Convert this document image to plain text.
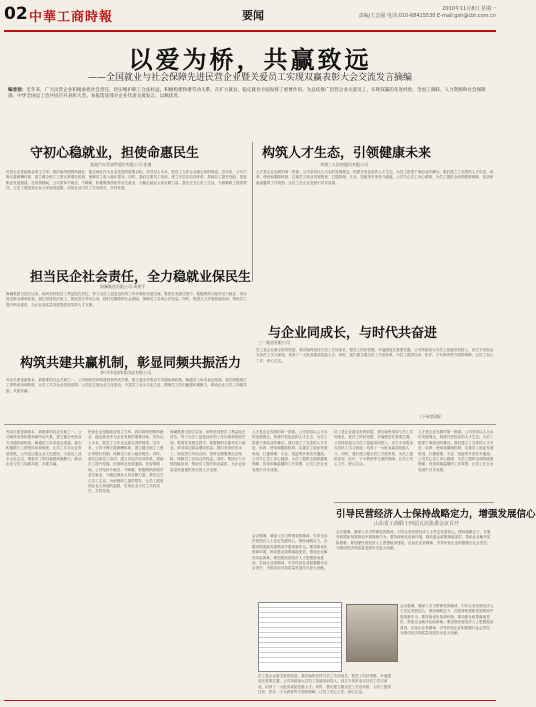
02 中華工商時報	要闻	2010年11月8日 星期一
责编/王志强 电话:010-68415530 E-mail:gsh@cbt.com.cn
以爱为桥，共赢致远
——全国就业与社会保障先进民营企业暨关爱员工实现双赢表彰大会交流发言摘编
编者按：近年来，广大民营企业积极承担社会责任，切实维护职工合法权益，积极构建和谐劳动关系，在扩大就业、稳定就业方面发挥了重要作用。为总结推广民营企业关爱员工、实现双赢的先进经验，全国工商联、人力资源和社会保障部、中华全国总工会共同召开表彰大会。本报选登部分企业代表交流发言，以飨读者。
守初心稳就业，担使命惠民生
富奥汽车零部件股份有限公司 张钢
民营企业是稳就业的主力军。我们始终把吸纳就业、稳定就业作为企业发展的重要目标，坚持以人为本，把员工当作企业最宝贵的财富。近年来，公司不断完善薪酬体系，建立健全职工工资正常增长机制，保障员工收入稳步提升。同时，我们注重员工培训，建立多层次培训体系，帮助员工提升技能，拓宽职业发展通道。在疫情期间，公司坚持不裁员、不降薪，积极吸纳高校毕业生就业，为稳定就业大局贡献力量。我们还关心员工生活，为困难职工提供帮扶，让员工感受到企业大家庭的温暖，实现企业与员工共同成长、共同发展。
构筑人才生态，引领健康未来
华润三九医药股份有限公司
人才是企业发展的第一资源。公司坚持以人为本的发展理念，构建开放包容的人才生态，为员工搭建干事创业的舞台。我们建立了完善的人才引进、培养、使用和激励机制，注重员工职业发展规划，打通管理、专业、技能等多条晋升通道。公司关心员工身心健康，为员工提供全面的健康保障，营造和谐温馨的工作氛围，让员工在企业发展中共享成果。
担当民企社会责任，全力稳就业保民生
海澜集团有限公司 周建平
海澜集团自创立以来，始终坚持把员工利益放在首位，努力为员工创造良好的工作环境和发展空间。集团在发展过程中，积极吸纳当地劳动力就业，带动周边群众增收致富。我们坚持依法用工，规范签订劳动合同，按时足额缴纳社会保险，保障员工各项合法权益。同时，集团大力开展技能培训，帮助员工提升职业素质，为企业高质量发展提供坚实的人才支撑。
与企业同成长，与时代共奋进
三一集团有限公司
员工是企业最宝贵的财富。我们始终坚持与员工共同成长，把员工的获得感、幸福感放在重要位置。公司持续加大对员工技能培训投入，设立专项资金支持员工学习深造，培养了一大批高素质技能人才。同时，我们建立健全员工关爱体系，为员工提供住房、医疗、子女教育等方面的保障，让员工安心工作、舒心生活。
构筑共建共赢机制，彰显同频共振活力
李宁(中国)体育用品有限公司
劳动关系是最基本、最重要的社会关系之一。公司始终坚持构建和谐劳动关系，建立健全劳资双方沟通协商机制，畅通员工诉求表达渠道。我们积极推行工资集体协商制度，让员工共享企业发展成果。公司还注重企业文化建设，丰富员工业余文化生活，增强员工的归属感和凝聚力，推动企业与员工同频共振、共建共赢。
劳动关系是最基本、最重要的社会关系之一。公司始终坚持构建和谐劳动关系，建立健全劳资双方沟通协商机制，畅通员工诉求表达渠道。我们积极推行工资集体协商制度，让员工共享企业发展成果。公司还注重企业文化建设，丰富员工业余文化生活，增强员工的归属感和凝聚力，推动企业与员工同频共振、共建共赢。
民营企业是稳就业的主力军。我们始终把吸纳就业、稳定就业作为企业发展的重要目标，坚持以人为本，把员工当作企业最宝贵的财富。近年来，公司不断完善薪酬体系，建立健全职工工资正常增长机制，保障员工收入稳步提升。同时，我们注重员工培训，建立多层次培训体系，帮助员工提升技能，拓宽职业发展通道。在疫情期间，公司坚持不裁员、不降薪，积极吸纳高校毕业生就业，为稳定就业大局贡献力量。我们还关心员工生活，为困难职工提供帮扶，让员工感受到企业大家庭的温暖，实现企业与员工共同成长、共同发展。
海澜集团自创立以来，始终坚持把员工利益放在首位，努力为员工创造良好的工作环境和发展空间。集团在发展过程中，积极吸纳当地劳动力就业，带动周边群众增收致富。我们坚持依法用工，规范签订劳动合同，按时足额缴纳社会保险，保障员工各项合法权益。同时，集团大力开展技能培训，帮助员工提升职业素质，为企业高质量发展提供坚实的人才支撑。
人才是企业发展的第一资源。公司坚持以人为本的发展理念，构建开放包容的人才生态，为员工搭建干事创业的舞台。我们建立了完善的人才引进、培养、使用和激励机制，注重员工职业发展规划，打通管理、专业、技能等多条晋升通道。公司关心员工身心健康，为员工提供全面的健康保障，营造和谐温馨的工作氛围，让员工在企业发展中共享成果。
员工是企业最宝贵的财富。我们始终坚持与员工共同成长，把员工的获得感、幸福感放在重要位置。公司持续加大对员工技能培训投入，设立专项资金支持员工学习深造，培养了一大批高素质技能人才。同时，我们建立健全员工关爱体系，为员工提供住房、医疗、子女教育等方面的保障，让员工安心工作、舒心生活。
人才是企业发展的第一资源。公司坚持以人为本的发展理念，构建开放包容的人才生态，为员工搭建干事创业的舞台。我们建立了完善的人才引进、培养、使用和激励机制，注重员工职业发展规划，打通管理、专业、技能等多条晋升通道。公司关心员工身心健康，为员工提供全面的健康保障，营造和谐温馨的工作氛围，让员工在企业发展中共享成果。
（下转第3版）
引导民营经济人士保持战略定力，增强发展信心
山东省工商联十四届五次执委会议召开
会议强调，要深入学习贯彻党的精神，引导全省民营经济人士坚定发展信心，保持战略定力，在服务构建新发展格局中展现新作为。要持续优化营商环境，推动惠企政策落地见效，帮助企业解决实际困难。要加强民营经济人士思想政治建设，弘扬企业家精神，引导民营企业积极履行社会责任，为推动经济高质量发展作出更大贡献。
会议强调，要深入学习贯彻党的精神，引导全省民营经济人士坚定发展信心，保持战略定力，在服务构建新发展格局中展现新作为。要持续优化营商环境，推动惠企政策落地见效，帮助企业解决实际困难。要加强民营经济人士思想政治建设，弘扬企业家精神，引导民营企业积极履行社会责任，为推动经济高质量发展作出更大贡献。
会议强调，要深入学习贯彻党的精神，引导全省民营经济人士坚定发展信心，保持战略定力，在服务构建新发展格局中展现新作为。要持续优化营商环境，推动惠企政策落地见效，帮助企业解决实际困难。要加强民营经济人士思想政治建设，弘扬企业家精神，引导民营企业积极履行社会责任，为推动经济高质量发展作出更大贡献。
员工是企业最宝贵的财富。我们始终坚持与员工共同成长，把员工的获得感、幸福感放在重要位置。公司持续加大对员工技能培训投入，设立专项资金支持员工学习深造，培养了一大批高素质技能人才。同时，我们建立健全员工关爱体系，为员工提供住房、医疗、子女教育等方面的保障，让员工安心工作、舒心生活。
